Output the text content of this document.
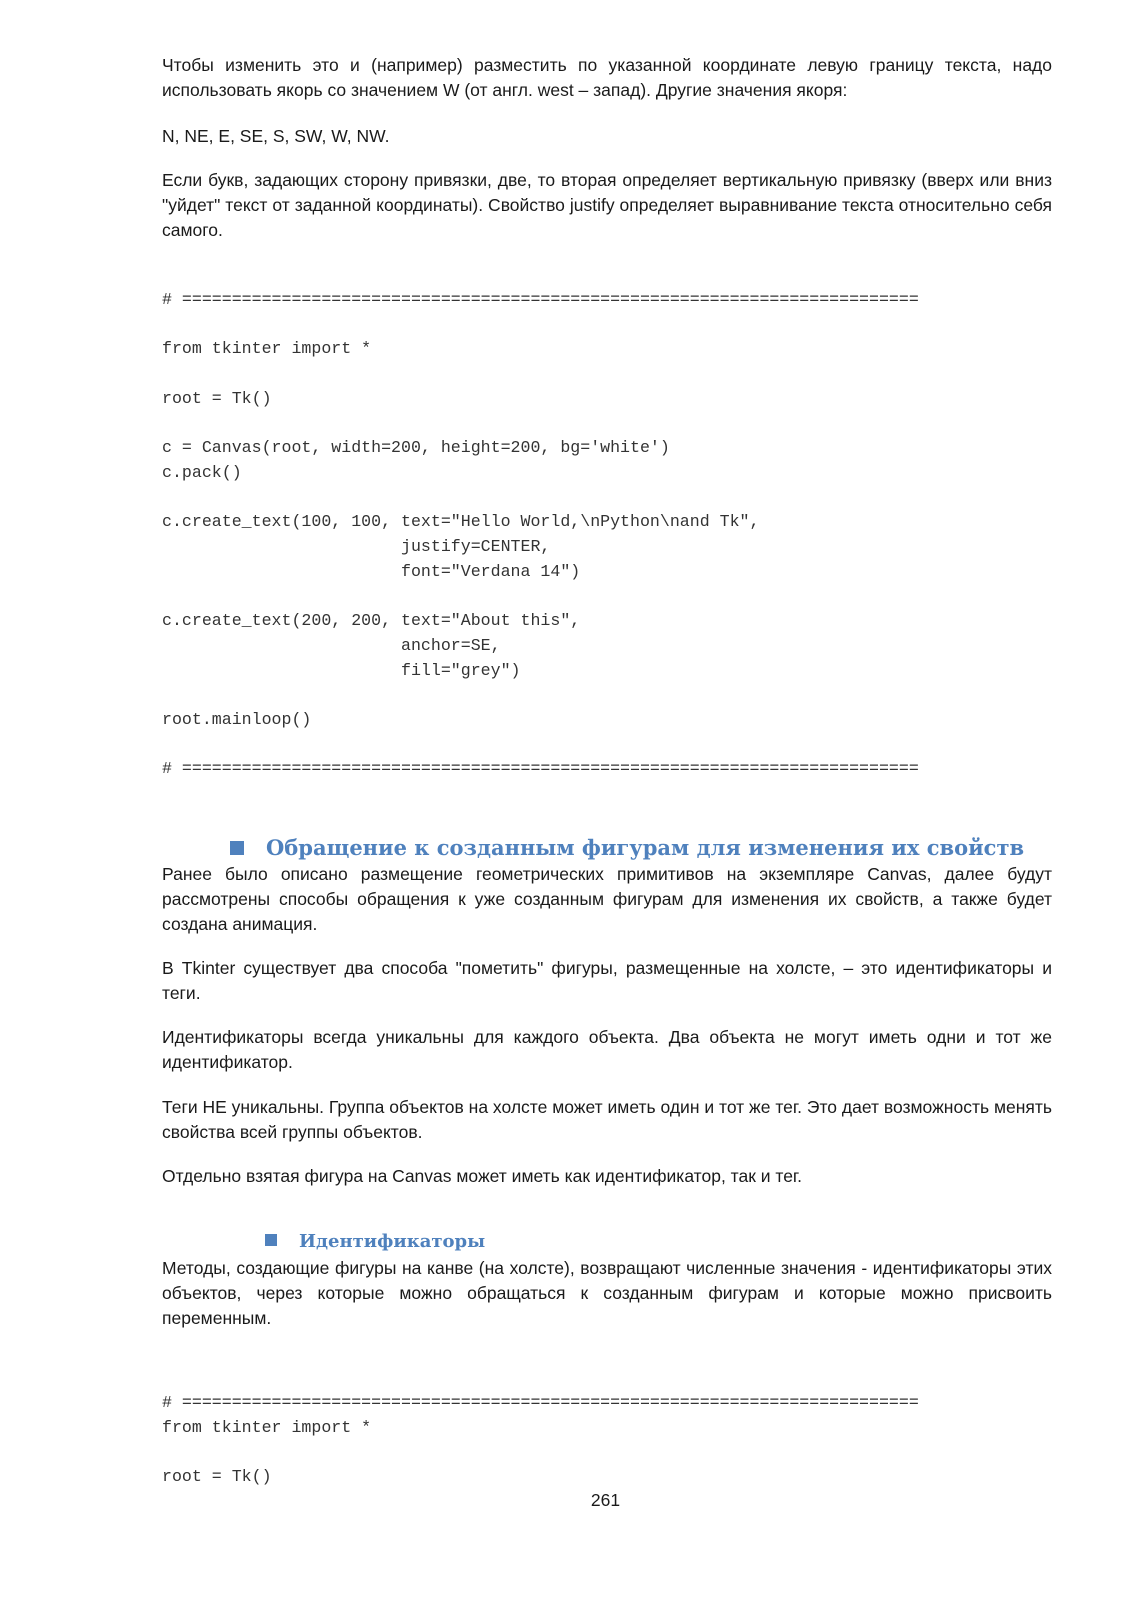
Чтобы изменить это и (например) разместить по указанной координате левую границу текста, надо использовать якорь со значением W (от англ. west – запад). Другие значения якоря:

N, NE, E, SE, S, SW, W, NW.

Если букв, задающих сторону привязки, две, то вторая определяет вертикальную привязку (вверх или вниз "уйдет" текст от заданной координаты). Свойство justify определяет выравнивание текста относительно себя самого.

# ==========================================================================

from tkinter import *

root = Tk()

c = Canvas(root, width=200, height=200, bg='white')
c.pack()

c.create_text(100, 100, text="Hello World,\nPython\nand Tk",
justify=CENTER,
font="Verdana 14")

c.create_text(200, 200, text="About this",
anchor=SE,
fill="grey")

root.mainloop()

# ==========================================================================
Обращение к созданным фигурам для изменения их свойств

Ранее было описано размещение геометрических примитивов на экземпляре Canvas, далее будут рассмотрены способы обращения к уже созданным фигурам для изменения их свойств, а также будет создана анимация.

В Tkinter существует два способа "пометить" фигуры, размещенные на холсте, – это идентификаторы и теги.

Идентификаторы всегда уникальны для каждого объекта. Два объекта не могут иметь одни и тот же идентификатор.

Теги НЕ уникальны. Группа объектов на холсте может иметь один и тот же тег. Это дает возможность менять свойства всей группы объектов.

Отдельно взятая фигура на Canvas может иметь как идентификатор, так и тег.

Идентификаторы

Методы, создающие фигуры на канве (на холсте), возвращают численные значения - идентификаторы этих объектов, через которые можно обращаться к созданным фигурам и которые можно присвоить переменным.

# ==========================================================================
from tkinter import *

root = Tk()
261
